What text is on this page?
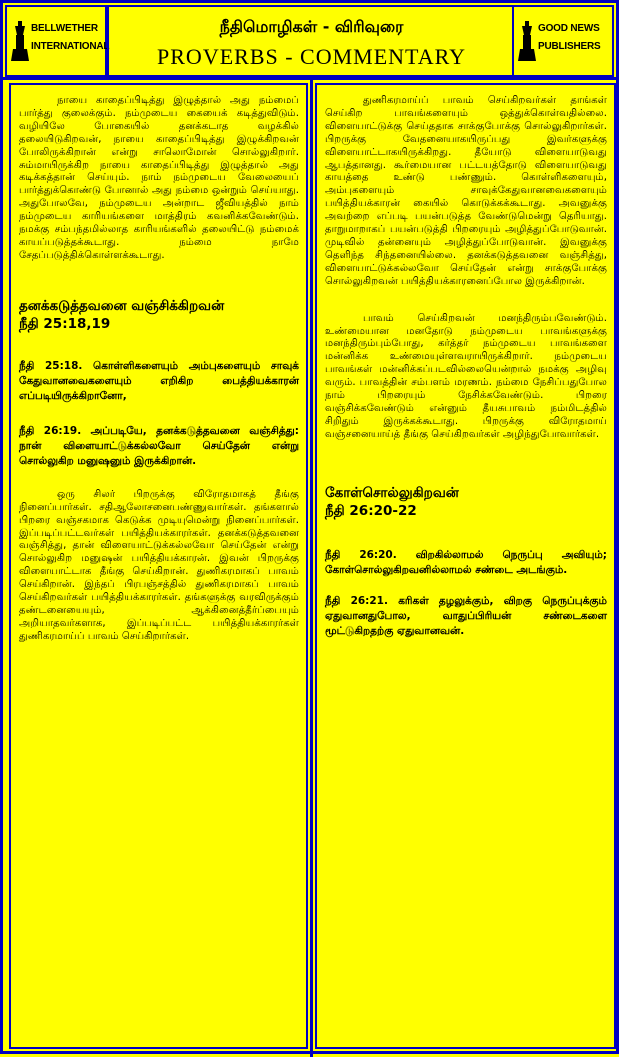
BELLWETHER
INTERNATIONAL
நீதிமொழிகள் - விரிவுரை
PROVERBS - COMMENTARY
GOOD NEWS
PUBLISHERS

நாயை காதைப்பிடித்து இழுத்தால் அது நம்மைப் பார்த்து குலைக்கும். நம்முடைய கையைக் கடித்துவிடும். வழியிலே போகையில் தனக்கடாத வழக்கில் தலையிடுகிறவன், நாயை காதைப்பிடித்து இழுக்கிறவன் போலிருக்கிறான் என்று சாலொமோன் சொல்லுகிறார். சும்மாயிருக்கிற நாயை காதைப்பிடித்து இழுத்தால் அது கடிக்கத்தான் செய்யும். நாம் நம்முடைய வேலையைப் பார்த்துக்கொண்டு போனால் அது நம்மை ஒன்றும் செய்யாது. அதுபோலவே, நம்முடைய அன்றாட ஜீவியத்தில் நாம் நம்முடைய காரியங்களை மாத்திரம் கவனிக்கவேண்டும். நமக்கு சம்பந்தமில்லாத காரியங்களில் தலையிட்டு நம்மைக் காயப்படுத்தக்கூடாது. நம்மை நாமே சேதப்படுத்திக்கொள்ளக்கூடாது.

தனக்கடுத்தவனை வஞ்சிக்கிறவன்

நீதி 25:18,19

நீதி 25:18. கொள்ளிகளையும் அம்புகளையும் சாவுக் கேதுவானவைகளையும் எறிகிற பைத்தியக்காரன் எப்படியிருக்கிறானோ,

நீதி 26:19. அப்படியே, தனக்கடுத்தவனை வஞ்சித்து: நான் விளையாட்டுக்கல்லவோ செய்தேன் என்று சொல்லுகிற மனுஷனும் இருக்கிறான்.

ஒரு சிலர் பிறருக்கு விரோதமாகத் தீங்கு நினைப்பார்கள். சதிஆலோசனைபண்ணுவார்கள். தங்களால் பிறரை வஞ்சகமாக கெடுக்க முடியுமென்று நினைப்பார்கள். இப்படிப்பட்டவர்கள் பயித்தியக்காரர்கள். தனக்கடுத்தவனை வஞ்சித்து, தான் விளையாட்டுக்கல்லவோ செய்தேன் என்று சொல்லுகிற மனுஷன் பயித்தியக்காரன். இவன் பிறருக்கு விளையாட்டாக தீங்கு செய்கிறான். துணிகரமாகப் பாவம் செய்கிறான். இந்தப் பிரபஞ்சத்தில் துணிகரமாகப் பாவம் செய்கிறவர்கள் பயித்தியக்காரர்கள். தங்களுக்கு வரவிருக்கும் தண்டனையையும், ஆக்கினைத்தீர்ப்பையும் அறியாதவர்களாக, இப்படிப்பட்ட பயித்தியக்காரர்கள் துணிகரமாய்ப் பாவம் செய்கிறார்கள்.

துணிகரமாய்ப் பாவம் செய்கிறவர்கள் தாங்கள் செய்கிற பாவங்களையும் ஒத்துக்கொள்வதில்லை. விளையாட்டுக்கு செய்ததாக சாக்குபோக்கு சொல்லுகிறார்கள். பிறருக்கு வேதனையாகயிருப்பது இவர்களுக்கு விளையாட்டாகயிருக்கிறது. தீயோடு விளையாடுவது ஆபத்தானது. கூர்மையான பட்டயத்தோடு விளையாடுவது காயத்தை உண்டு பண்ணும். கொள்ளிகளையும், அம்புகளையும் சாவுக்கேதுவானவைகளையும் பயித்தியக்காரன் கையில் கொடுக்கக்கூடாது. அவனுக்கு அவற்றை எப்படி பயன்படுத்த வேண்டுமென்று தெரியாது. தாறுமாறாகப் பயன்படுத்தி பிறரையும் அழித்துப்போடுவான். முடிவில் தன்னையும் அழித்துப்போடுவான். இவனுக்கு தெளிந்த சிந்தனையில்லை. தனக்கடுத்தவனை வஞ்சித்து, விளையாட்டுக்கல்லவோ செய்தேன் என்று சாக்குபோக்கு சொல்லுகிறவன் பயித்தியக்காரனைப்போல இருக்கிறான்.

பாவம் செய்கிறவன் மனந்திரும்பவேண்டும். உண்மையான மனதோடு நம்முடைய பாவங்களுக்கு மனந்திரும்பும்போது, கர்த்தர் நம்முடைய பாவங்களை மன்னிக்க உண்மையுள்ளவராயிருக்கிறார். நம்முடைய பாவங்கள் மன்னிக்கப்படவில்லையென்றால் நமக்கு அழிவு வரும். பாவத்தின் சம்பளம் மரணம். நம்மை நேசிப்பதுபோல நாம் பிறரையும் நேசிக்கவேண்டும். பிறரை வஞ்சிக்கவேண்டும் என்னும் தீயசுபாவம் நம்மிடத்தில் சிறிதும் இருக்கக்கூடாது. பிறருக்கு விரோதமாய் வஞ்சனையாய்த் தீங்கு செய்கிறவர்கள் அழிந்துபோவார்கள்.

கோள்சொல்லுகிறவன்

நீதி 26:20-22

நீதி 26:20. விறகில்லாமல் நெருப்பு அவியும்; கோள்சொல்லுகிறவனில்லாமல் சண்டை அடங்கும்.

நீதி 26:21. கரிகள் தழலுக்கும், விறகு நெருப்புக்கும் ஏதுவானதுபோல, வாதுப்பிரியன் சண்டைகளை மூட்டுகிறதற்கு ஏதுவானவன்.
